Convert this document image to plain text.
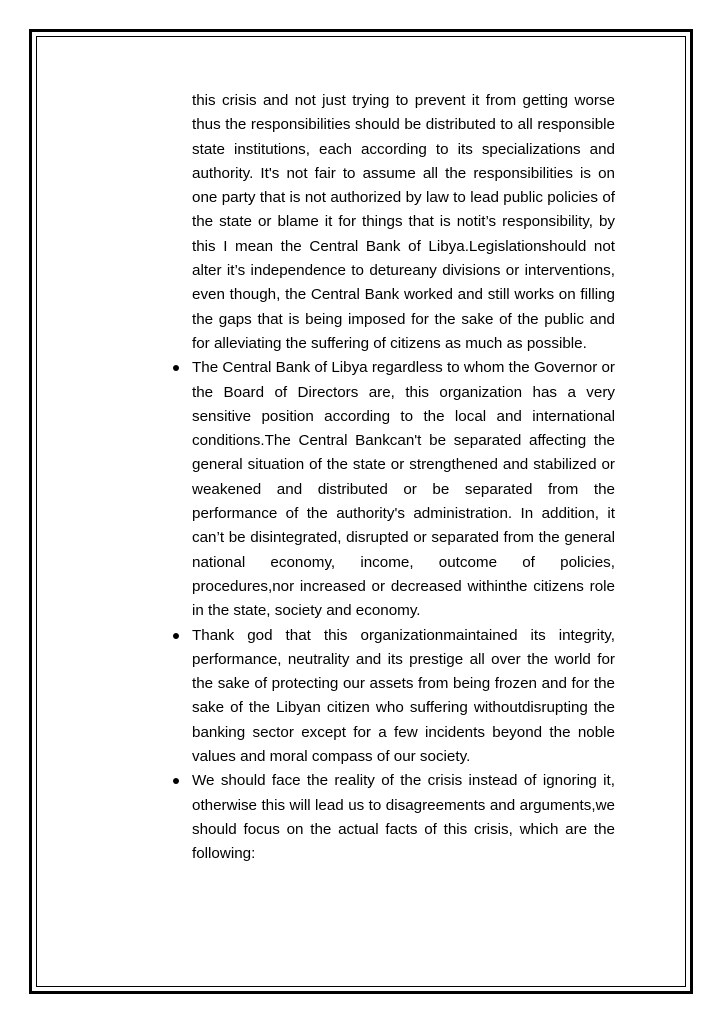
this crisis and not just trying to prevent it from getting worse thus the responsibilities should be distributed to all responsible state institutions, each according to its specializations and authority. It's not fair to assume all the responsibilities is on one party that is not authorized by law to lead public policies of the state or blame it for things that is notit’s responsibility, by this I mean the Central Bank of Libya.Legislationshould not alter it’s independence to detureany divisions or interventions, even though, the Central Bank worked and still works on filling the gaps that is being imposed for the sake of the public and for alleviating the suffering of citizens as much as possible.

The Central Bank of Libya regardless to whom the Governor or the Board of Directors are, this organization has a very sensitive position according to the local and international conditions.The Central Bankcan't be separated affecting the general situation of the state or strengthened and stabilized or weakened and distributed or be separated from the performance of the authority's administration. In addition, it can’t be disintegrated, disrupted or separated from the general national economy, income, outcome of policies, procedures,nor increased or decreased withinthe citizens role in the state, society and economy.
Thank god that this organizationmaintained its integrity, performance, neutrality and its prestige all over the world for the sake of protecting our assets from being frozen and for the sake of the Libyan citizen who suffering withoutdisrupting the banking sector except for a few incidents beyond the noble values and moral compass of our society.
We should face the reality of the crisis instead of ignoring it, otherwise this will lead us to disagreements and arguments,we should focus on the actual facts of this crisis, which are the following:
